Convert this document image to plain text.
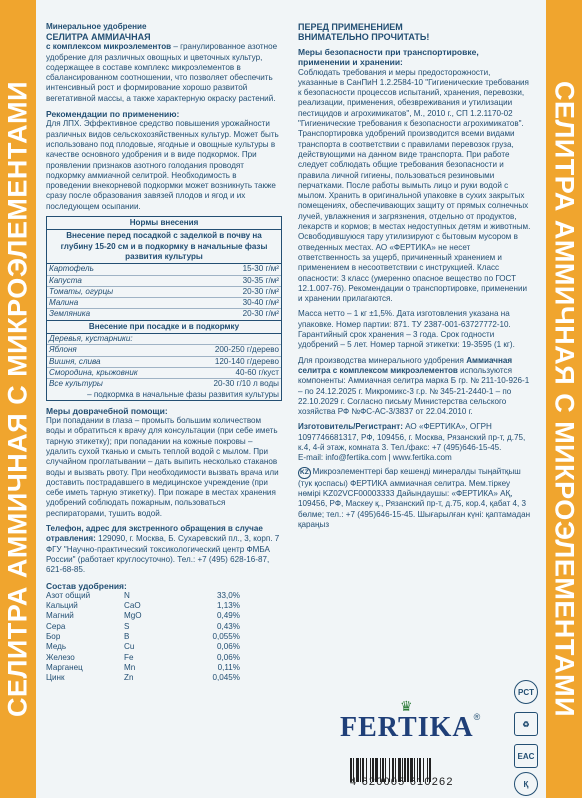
СЕЛИТРА АММИЧНАЯ С МИКРОЭЛЕМЕНТАМИ	СЕЛИТРА АММИЧНАЯ С МИКРОЭЛЕМЕНТАМИ
Минеральное удобрение
СЕЛИТРА АММИАЧНАЯ

с комплексом микроэлементов – гранулированное азотное удобрение для различных овощных и цветочных культур, содержащее в составе комплекс микроэлементов в сбалансированном соотношении, что позволяет обеспечить интенсивный рост и формирование хорошо развитой вегетативной массы, а также характерную окраску растений.

Рекомендации по применению:

Для ЛПХ. Эффективное средство повышения урожайности различных видов сельскохозяйственных культур. Может быть использовано под плодовые, ягодные и овощные культуры в качестве основного удобрения и в виде подкормок. При проявлении признаков азотного голодания проводят подкормку аммиачной селитрой. Необходимость в проведении внекорневой подкормки может возникнуть также сразу после образования завязей плодов и ягод и их последующем осыпании.

Нормы внесения
Внесение перед посадкой с заделкой в почву на глубину 15-20 см и в подкормку в начальные фазы развития культуры
Картофель	15-30 г/м²
Капуста	30-35 г/м²
Томаты, огурцы	20-30 г/м²
Малина	30-40 г/м²
Земляника	20-30 г/м²
Внесение при посадке и в подкормку
Деревья, кустарники:
Яблоня	200-250 г/дерево
Вишня, слива	120-140 г/дерево
Смородина, крыжовник	40-60 г/куст
Все культуры	20-30 г/10 л воды
– подкормка в начальные фазы развития культуры
Меры доврачебной помощи:

При попадании в глаза – промыть большим количеством воды и обратиться к врачу для консультации (при себе иметь тарную этикетку); при попадании на кожные покровы – удалить сухой тканью и смыть теплой водой с мылом. При случайном проглатывании – дать выпить несколько стаканов воды и вызвать рвоту. При необходимости вызвать врача или доставить пострадавшего в медицинское учреждение (при себе иметь тарную этикетку). При пожаре в местах хранения удобрений соблюдать пожарным, пользоваться респираторами, тушить водой.

Телефон, адрес для экстренного обращения в случае отравления: 129090, г. Москва, Б. Сухаревский пл., 3, корп. 7 ФГУ "Научно-практический токсикологический центр ФМБА России" (работает круглосуточно). Тел.: +7 (495) 628-16-87, 621-68-85.

Состав удобрения:
Азот общий	N	33,0%
Кальций	CaO	1,13%
Магний	MgO	0,49%
Сера	S	0,43%
Бор	B	0,055%
Медь	Cu	0,06%
Железо	Fe	0,06%
Марганец	Mn	0,11%
Цинк	Zn	0,045%
ПЕРЕД ПРИМЕНЕНИЕМ
ВНИМАТЕЛЬНО ПРОЧИТАТЬ!
Меры безопасности при транспортировке, применении и хранении:

Соблюдать требования и меры предосторожности, указанные в СанПиН 1.2.2584-10 "Гигиенические требования к безопасности процессов испытаний, хранения, перевозки, реализации, применения, обезвреживания и утилизации пестицидов и агрохимикатов", М., 2010 г., СП 1.2.1170-02 "Гигиенические требования к безопасности агрохимикатов". Транспортировка удобрений производится всеми видами транспорта в соответствии с правилами перевозок груза, действующими на данном виде транспорта. При работе следует соблюдать общие требования безопасности и правила личной гигиены, пользоваться резиновыми перчатками. После работы вымыть лицо и руки водой с мылом. Хранить в оригинальной упаковке в сухих закрытых помещениях, обеспечивающих защиту от прямых солнечных лучей, увлажнения и загрязнения, отдельно от продуктов, лекарств и кормов; в местах недоступных детям и животным. Освободившуюся тару утилизируют с бытовым мусором в отведенных местах. АО «ФЕРТИКА» не несет ответственность за ущерб, причиненный хранением и применением в несоответствии с инструкцией. Класс опасности: 3 класс (умеренно опасное вещество по ГОСТ 12.1.007-76). Рекомендации о транспортировке, применении и хранении прилагаются.

Масса нетто – 1 кг ±1,5%. Дата изготовления указана на упаковке. Номер партии: 871. ТУ 2387-001-63727772-10. Гарантийный срок хранения – 3 года. Срок годности удобрений – 5 лет. Номер тарной этикетки: 19-3595 (1 кг).

Для производства минерального удобрения Аммиачная селитра с комплексом микроэлементов используются компоненты: Аммиачная селитра марка Б гр. № 211-10-926-1 – по 24.12.2025 г. Микромикс-3 г.р. № 345-21-2440-1 – по 22.10.2029 г. Согласно письму Министерства сельского хозяйства РФ №ФС-АС-3/3837 от 22.04.2010 г.

Изготовитель/Регистрант: АО «ФЕРТИКА», ОГРН 1097746681317, РФ, 109456, г. Москва, Рязанский пр-т, д.75, к.4, 4-й этаж, комната 3. Тел./факс: +7 (495)646-15-45.

E-mail: info@fertika.com | www.fertika.com

KZ Микроэлементтері бар кешенді минералды тыңайтқыш (тук қоспасы) ФЕРТИКА аммиачная селитра. Мем.тіркеу нөмірі KZ02VCF00003333 Дайындаушы: «ФЕРТИКА» АҚ, 109456, РФ, Маскеу қ., Рязанский пр-т, д.75, кор.4, қабат 4, 3 бөлме; тел.: +7 (495)646-15-45. Шығарылған күні: қаптамадан қараңыз

♛
FERTIKA®
4 620005 610262
PCT
♻
EAC
Қ
